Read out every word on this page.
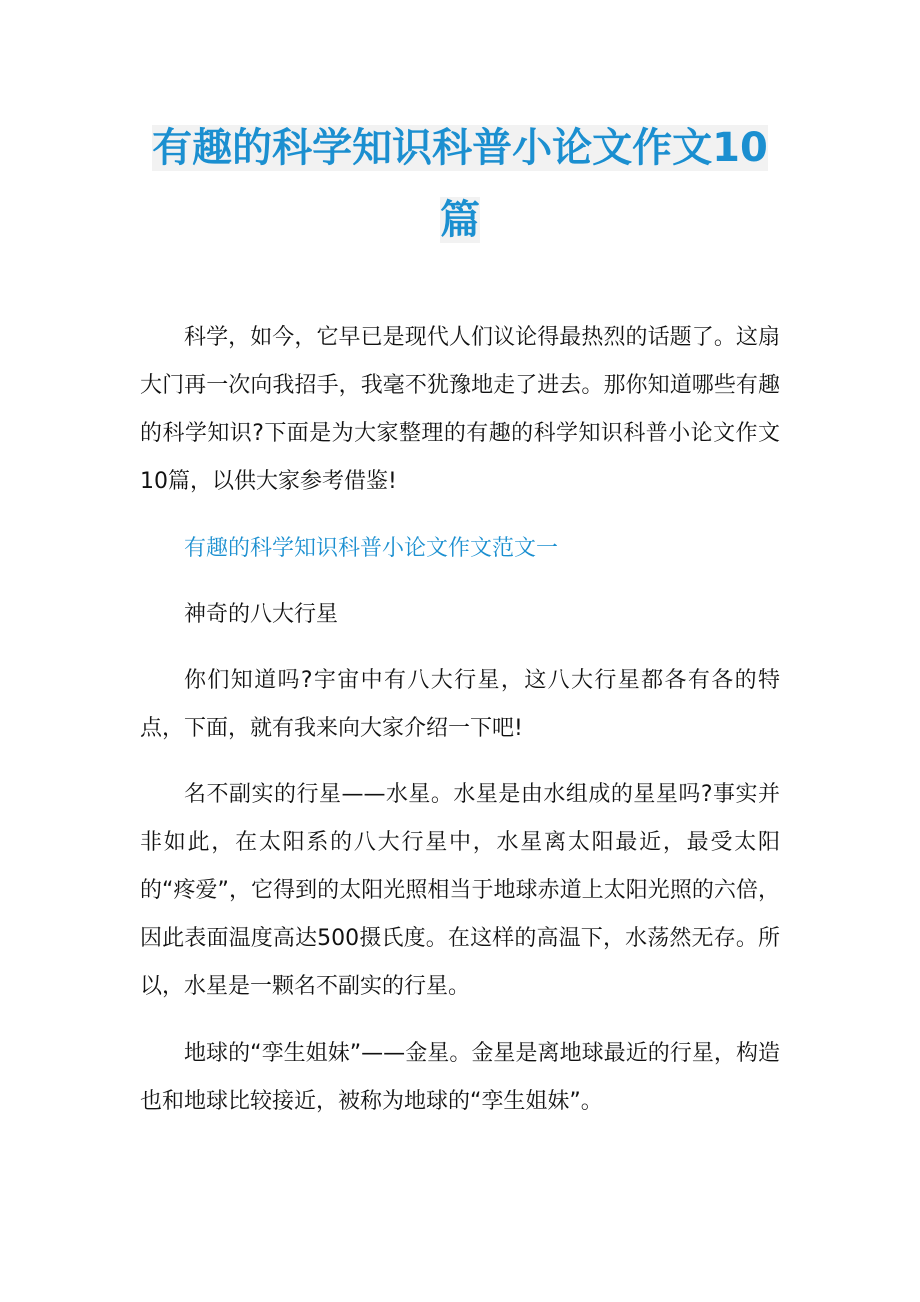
有趣的科学知识科普小论文作文10
篇

科学，如今，它早已是现代人们议论得最热烈的话题了。这扇大门再一次向我招手，我毫不犹豫地走了进去。那你知道哪些有趣的科学知识?下面是为大家整理的有趣的科学知识科普小论文作文10篇，以供大家参考借鉴!

有趣的科学知识科普小论文作文范文一

神奇的八大行星

你们知道吗?宇宙中有八大行星，这八大行星都各有各的特点，下面，就有我来向大家介绍一下吧!

名不副实的行星——水星。水星是由水组成的星星吗?事实并非如此，在太阳系的八大行星中，水星离太阳最近，最受太阳的“疼爱”，它得到的太阳光照相当于地球赤道上太阳光照的六倍，因此表面温度高达500摄氏度。在这样的高温下，水荡然无存。所以，水星是一颗名不副实的行星。

地球的“孪生姐妹”——金星。金星是离地球最近的行星，构造也和地球比较接近，被称为地球的“孪生姐妹”。
